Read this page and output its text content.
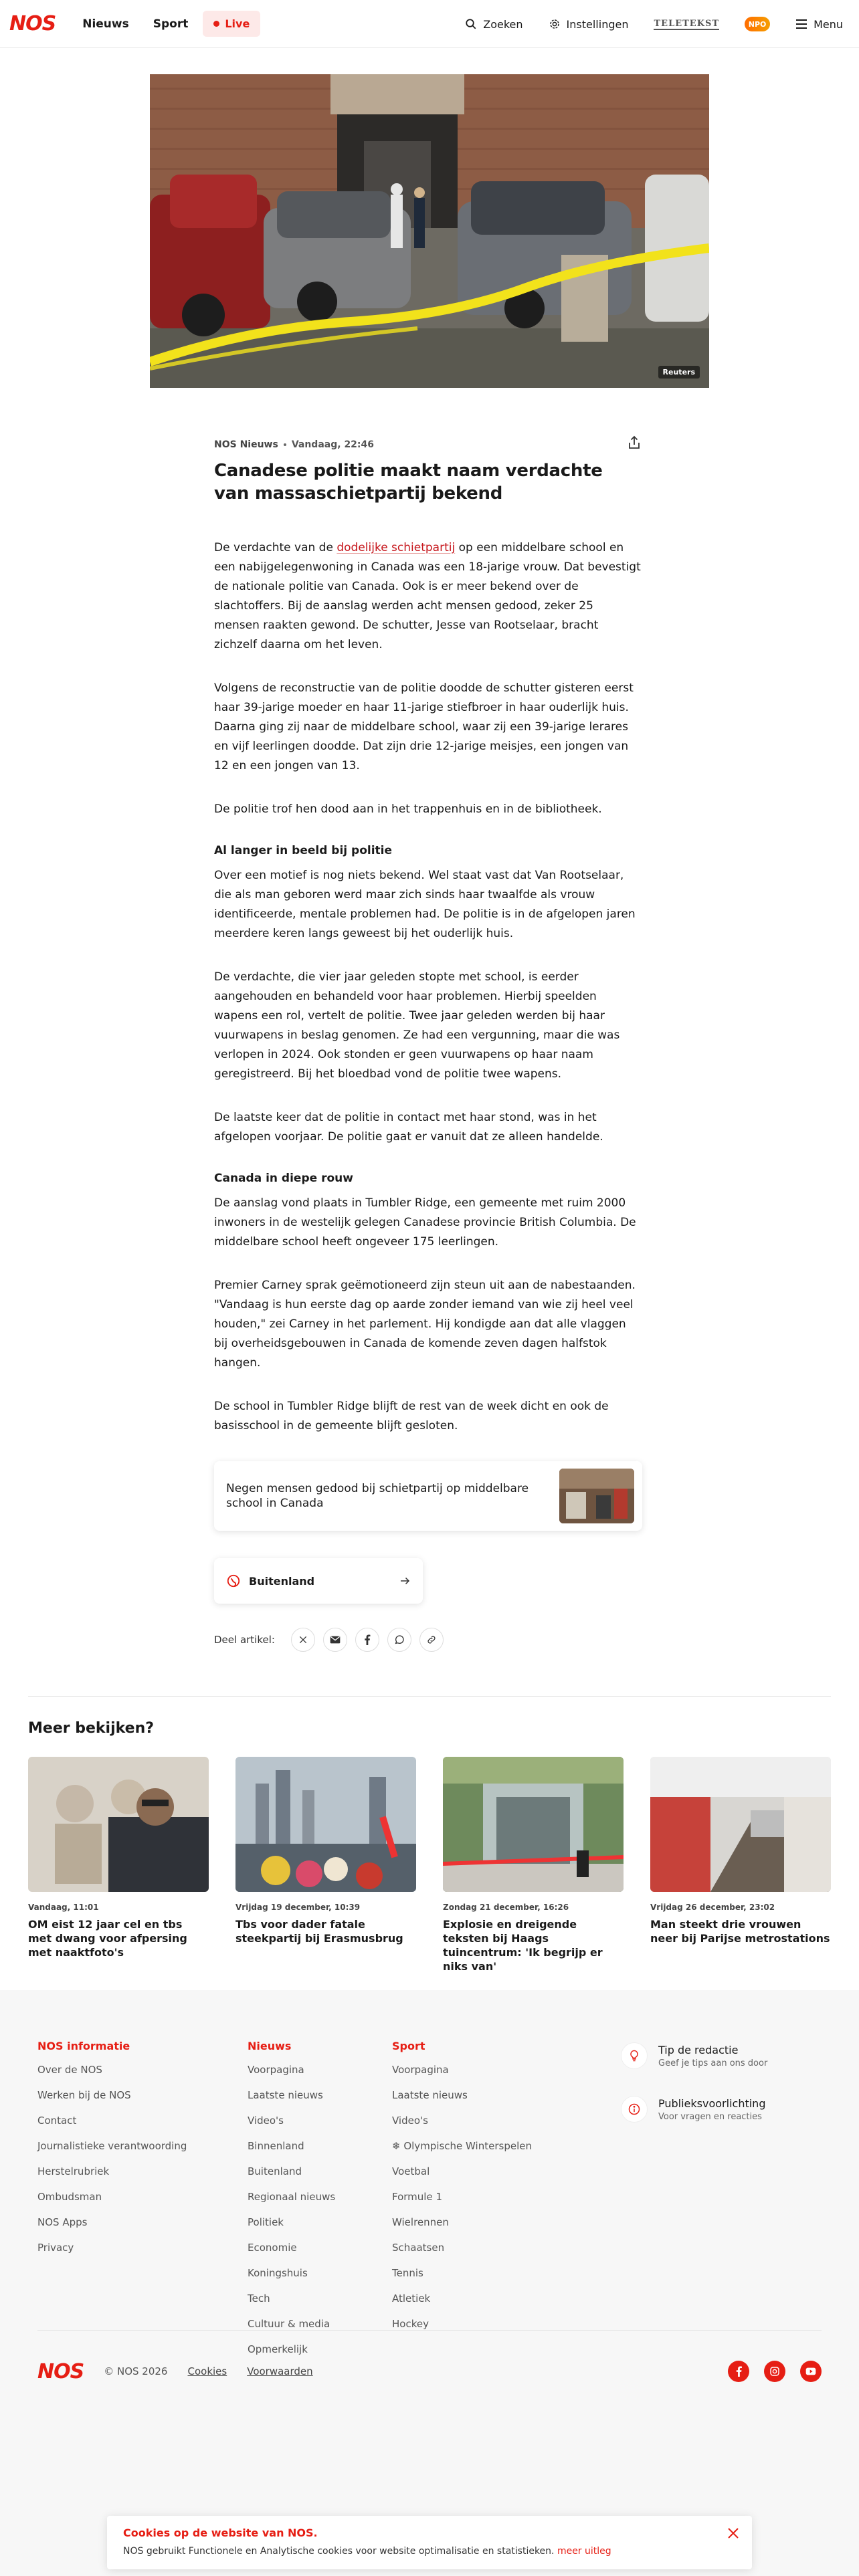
NOS Nieuws Sport	Live	Zoeken	Instellingen	TELETEKST	NPO	Menu
Reuters
NOS Nieuws Vandaag, 22:46
Canadese politie maakt naam verdachte van massaschietpartij bekend

De verdachte van de dodelijke schietpartij op een middelbare school en een nabijgelegenwoning in Canada was een 18-jarige vrouw. Dat bevestigt de nationale politie van Canada. Ook is er meer bekend over de slachtoffers. Bij de aanslag werden acht mensen gedood, zeker 25 mensen raakten gewond. De schutter, Jesse van Rootselaar, bracht zichzelf daarna om het leven.

Volgens de reconstructie van de politie doodde de schutter gisteren eerst haar 39-jarige moeder en haar 11-jarige stiefbroer in haar ouderlijk huis. Daarna ging zij naar de middelbare school, waar zij een 39-jarige lerares en vijf leerlingen doodde. Dat zijn drie 12-jarige meisjes, een jongen van 12 en een jongen van 13.

De politie trof hen dood aan in het trappenhuis en in de bibliotheek.

Al langer in beeld bij politie

Over een motief is nog niets bekend. Wel staat vast dat Van Rootselaar, die als man geboren werd maar zich sinds haar twaalfde als vrouw identificeerde, mentale problemen had. De politie is in de afgelopen jaren meerdere keren langs geweest bij het ouderlijk huis.

De verdachte, die vier jaar geleden stopte met school, is eerder aangehouden en behandeld voor haar problemen. Hierbij speelden wapens een rol, vertelt de politie. Twee jaar geleden werden bij haar vuurwapens in beslag genomen. Ze had een vergunning, maar die was verlopen in 2024. Ook stonden er geen vuurwapens op haar naam geregistreerd. Bij het bloedbad vond de politie twee wapens.

De laatste keer dat de politie in contact met haar stond, was in het afgelopen voorjaar. De politie gaat er vanuit dat ze alleen handelde.

Canada in diepe rouw

De aanslag vond plaats in Tumbler Ridge, een gemeente met ruim 2000 inwoners in de westelijk gelegen Canadese provincie British Columbia. De middelbare school heeft ongeveer 175 leerlingen.

Premier Carney sprak geëmotioneerd zijn steun uit aan de nabestaanden. "Vandaag is hun eerste dag op aarde zonder iemand van wie zij heel veel houden," zei Carney in het parlement. Hij kondigde aan dat alle vlaggen bij overheidsgebouwen in Canada de komende zeven dagen halfstok hangen.

De school in Tumbler Ridge blijft de rest van de week dicht en ook de basisschool in de gemeente blijft gesloten.

Negen mensen gedood bij schietpartij op middelbare school in Canada
Buitenland
Deel artikel:
Meer bekijken?
Vandaag, 11:01
OM eist 12 jaar cel en tbs met dwang voor afpersing met naaktfoto's
Vrijdag 19 december, 10:39
Tbs voor dader fatale steekpartij bij Erasmusbrug
Zondag 21 december, 16:26
Explosie en dreigende teksten bij Haags tuincentrum: 'Ik begrijp er niks van'
Vrijdag 26 december, 23:02
Man steekt drie vrouwen neer bij Parijse metrostations
NOS informatie
Over de NOS
Werken bij de NOS
Contact
Journalistieke verantwoording
Herstelrubriek
Ombudsman
NOS Apps
Privacy
Nieuws
Voorpagina
Laatste nieuws
Video's
Binnenland
Buitenland
Regionaal nieuws
Politiek
Economie
Koningshuis
Tech
Cultuur & media
Opmerkelijk
Sport
Voorpagina
Laatste nieuws
Video's
❄ Olympische Winterspelen
Voetbal
Formule 1
Wielrennen
Schaatsen
Tennis
Atletiek
Hockey
Tip de redactie
Geef je tips aan ons door
Publieksvoorlichting
Voor vragen en reacties
NOS © NOS 2026 Cookies Voorwaarden
Cookies op de website van NOS.
NOS gebruikt Functionele en Analytische cookies voor website optimalisatie en statistieken. meer uitleg
